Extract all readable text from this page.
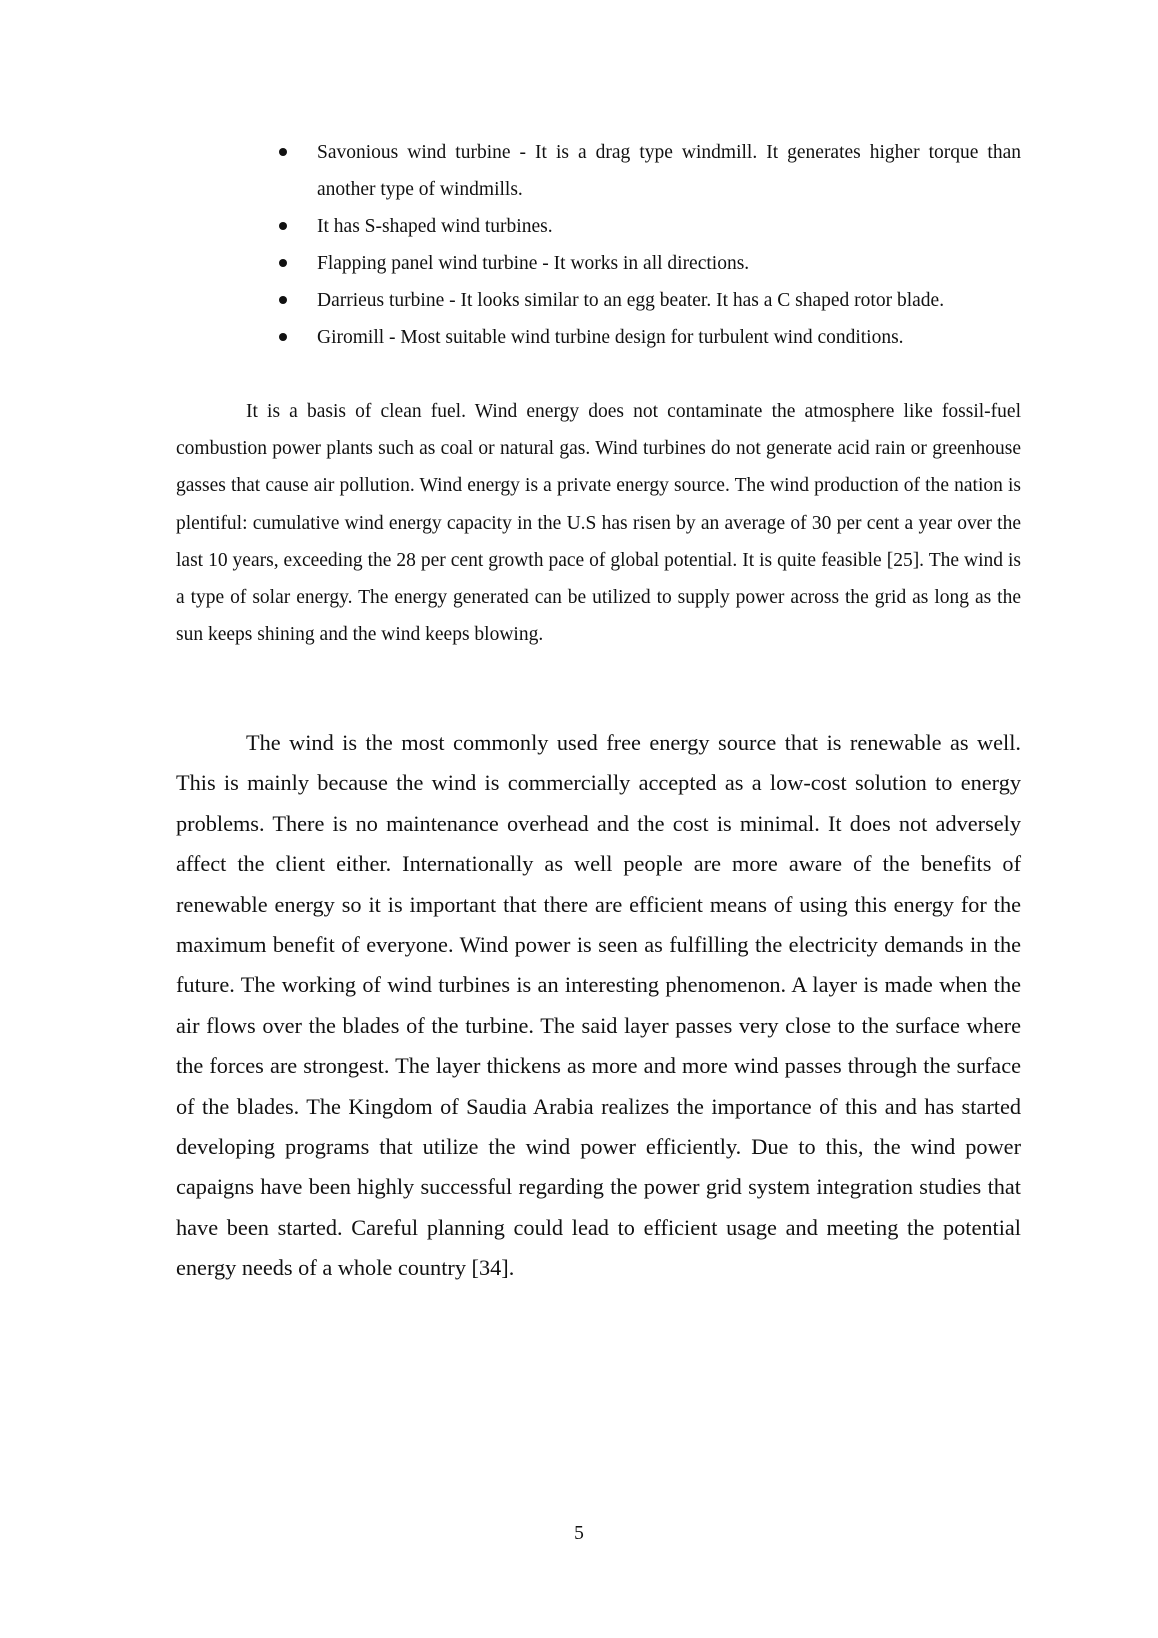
Savonious wind turbine - It is a drag type windmill. It generates higher torque than another type of windmills.
It has S-shaped wind turbines.
Flapping panel wind turbine - It works in all directions.
Darrieus turbine - It looks similar to an egg beater. It has a C shaped rotor blade.
Giromill - Most suitable wind turbine design for turbulent wind conditions.

It is a basis of clean fuel. Wind energy does not contaminate the atmosphere like fossil-fuel combustion power plants such as coal or natural gas. Wind turbines do not generate acid rain or greenhouse gasses that cause air pollution. Wind energy is a private energy source. The wind production of the nation is plentiful: cumulative wind energy capacity in the U.S has risen by an average of 30 per cent a year over the last 10 years, exceeding the 28 per cent growth pace of global potential. It is quite feasible [25]. The wind is a type of solar energy. The energy generated can be utilized to supply power across the grid as long as the sun keeps shining and the wind keeps blowing.

The wind is the most commonly used free energy source that is renewable as well. This is mainly because the wind is commercially accepted as a low-cost solution to energy problems. There is no maintenance overhead and the cost is minimal. It does not adversely affect the client either. Internationally as well people are more aware of the benefits of renewable energy so it is important that there are efficient means of using this energy for the maximum benefit of everyone. Wind power is seen as fulfilling the electricity demands in the future. The working of wind turbines is an interesting phenomenon. A layer is made when the air flows over the blades of the turbine. The said layer passes very close to the surface where the forces are strongest. The layer thickens as more and more wind passes through the surface of the blades. The Kingdom of Saudia Arabia realizes the importance of this and has started developing programs that utilize the wind power efficiently. Due to this, the wind power capaigns have been highly successful regarding the power grid system integration studies that have been started. Careful planning could lead to efficient usage and meeting the potential energy needs of a whole country [34].

5
